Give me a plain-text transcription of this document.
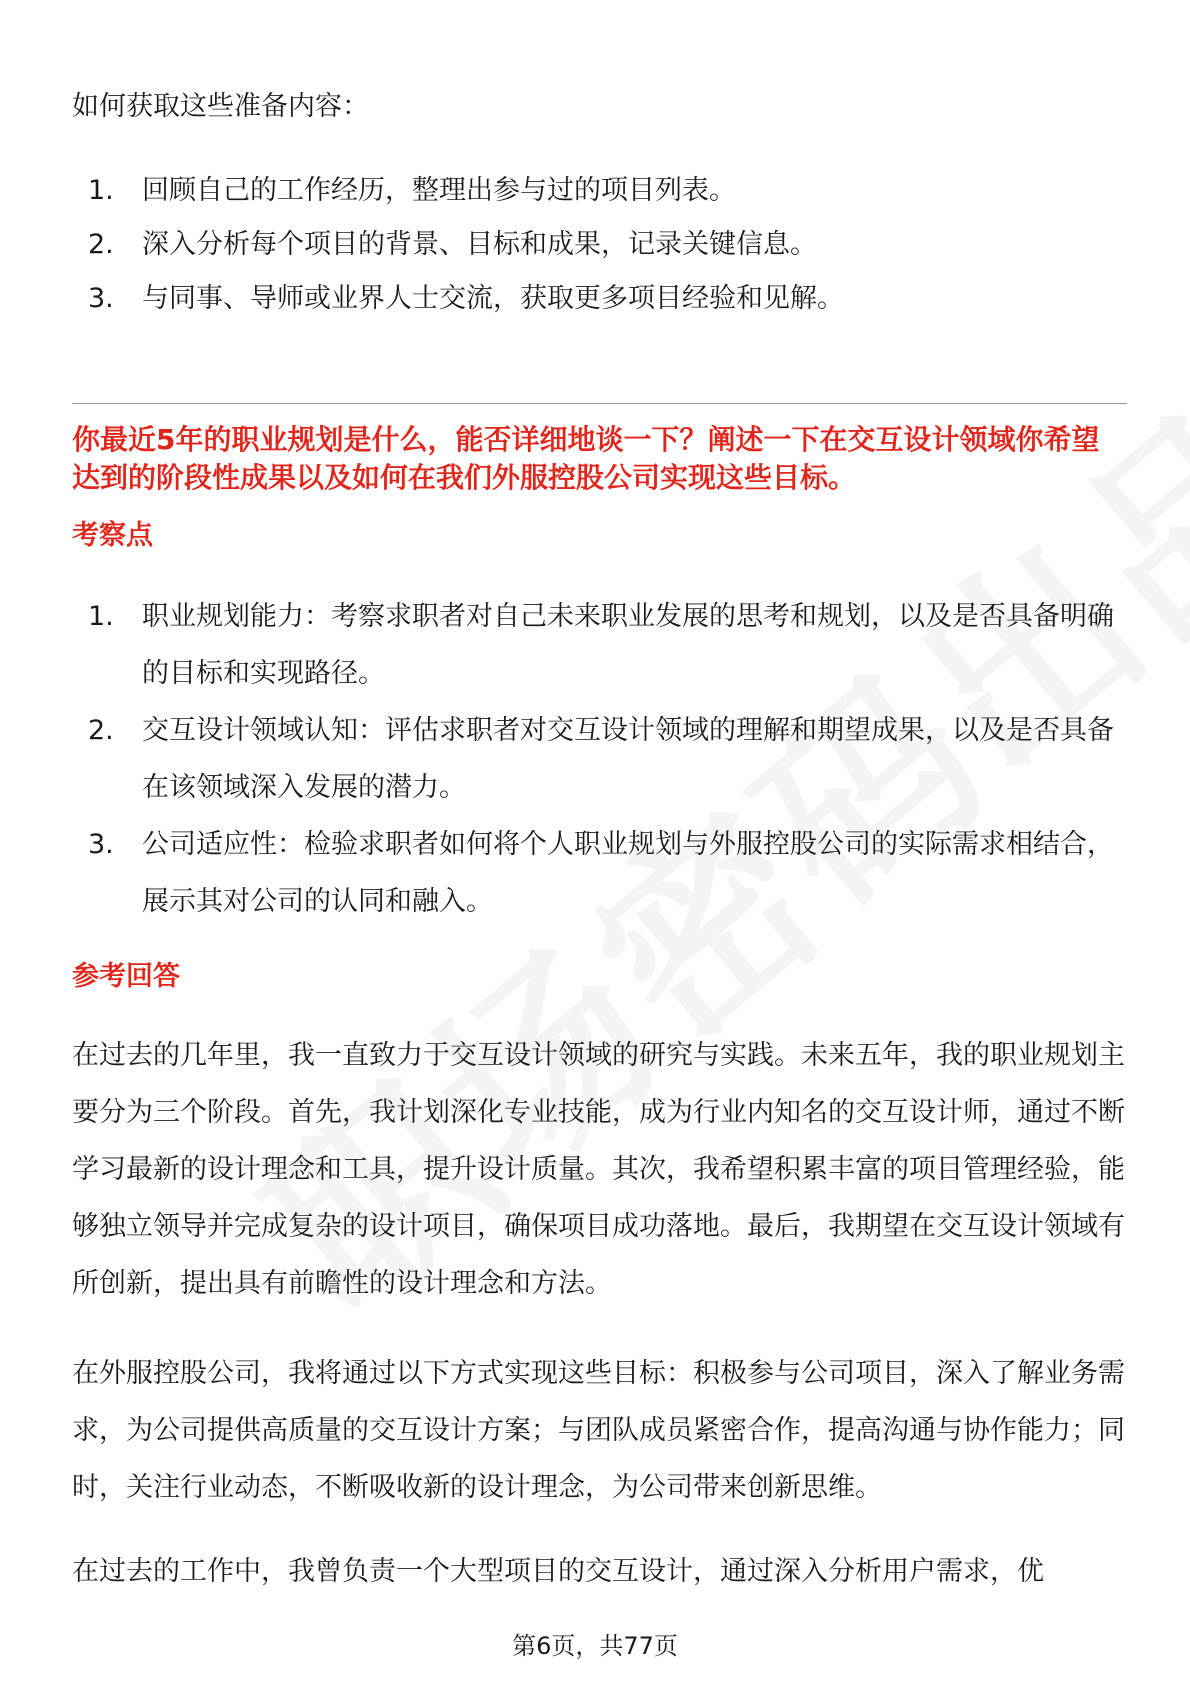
如何获取这些准备内容：

1.	回顾自己的工作经历，整理出参与过的项目列表。
2.	深入分析每个项目的背景、目标和成果，记录关键信息。
3.	与同事、导师或业界人士交流，获取更多项目经验和见解。
你最近5年的职业规划是什么，能否详细地谈一下？阐述一下在交互设计领域你希望达到的阶段性成果以及如何在我们外服控股公司实现这些目标。
考察点
1.	职业规划能力：考察求职者对自己未来职业发展的思考和规划，以及是否具备明确的目标和实现路径。
2.	交互设计领域认知：评估求职者对交互设计领域的理解和期望成果，以及是否具备在该领域深入发展的潜力。
3.	公司适应性：检验求职者如何将个人职业规划与外服控股公司的实际需求相结合，展示其对公司的认同和融入。
参考回答

在过去的几年里，我一直致力于交互设计领域的研究与实践。未来五年，我的职业规划主要分为三个阶段。首先，我计划深化专业技能，成为行业内知名的交互设计师，通过不断学习最新的设计理念和工具，提升设计质量。其次，我希望积累丰富的项目管理经验，能够独立领导并完成复杂的设计项目，确保项目成功落地。最后，我期望在交互设计领域有所创新，提出具有前瞻性的设计理念和方法。

在外服控股公司，我将通过以下方式实现这些目标：积极参与公司项目，深入了解业务需求，为公司提供高质量的交互设计方案；与团队成员紧密合作，提高沟通与协作能力；同时，关注行业动态，不断吸收新的设计理念，为公司带来创新思维。

在过去的工作中，我曾负责一个大型项目的交互设计，通过深入分析用户需求，优

第6页，共77页
